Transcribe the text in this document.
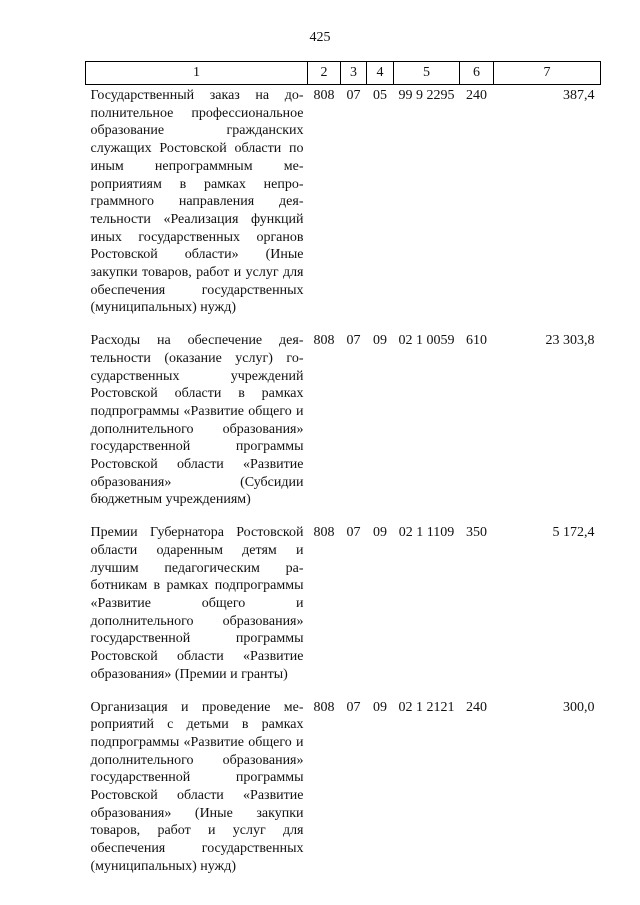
425
1	2	3	4	5	6	7
Государственный заказ на дополнительное профессиональное образование гражданских служащих Ростовской области по иным непрограммным мероприятиям в рамках непрограммного направления деятельности «Реализация функций иных государственных органов Ростовской области» (Иные закупки товаров, работ и услуг для обеспечения государственных (муниципальных) нужд)	808	07	05	99 9 2295	240	387,4
Расходы на обеспечение деятельности (оказание услуг) государственных учреждений Ростовской области в рамках подпрограммы «Развитие общего и дополнительного образования» государственной программы Ростовской области «Развитие образования» (Субсидии бюджетным учреждениям)	808	07	09	02 1 0059	610	23 303,8
Премии Губернатора Ростовской области одаренным детям и лучшим педагогическим работникам в рамках подпрограммы «Развитие общего и дополнительного образования» государственной программы Ростовской области «Развитие образования» (Премии и гранты)	808	07	09	02 1 1109	350	5 172,4
Организация и проведение мероприятий с детьми в рамках подпрограммы «Развитие общего и дополнительного образования» государственной программы Ростовской области «Развитие образования» (Иные закупки товаров, работ и услуг для обеспечения государственных (муниципальных) нужд)	808	07	09	02 1 2121	240	300,0
